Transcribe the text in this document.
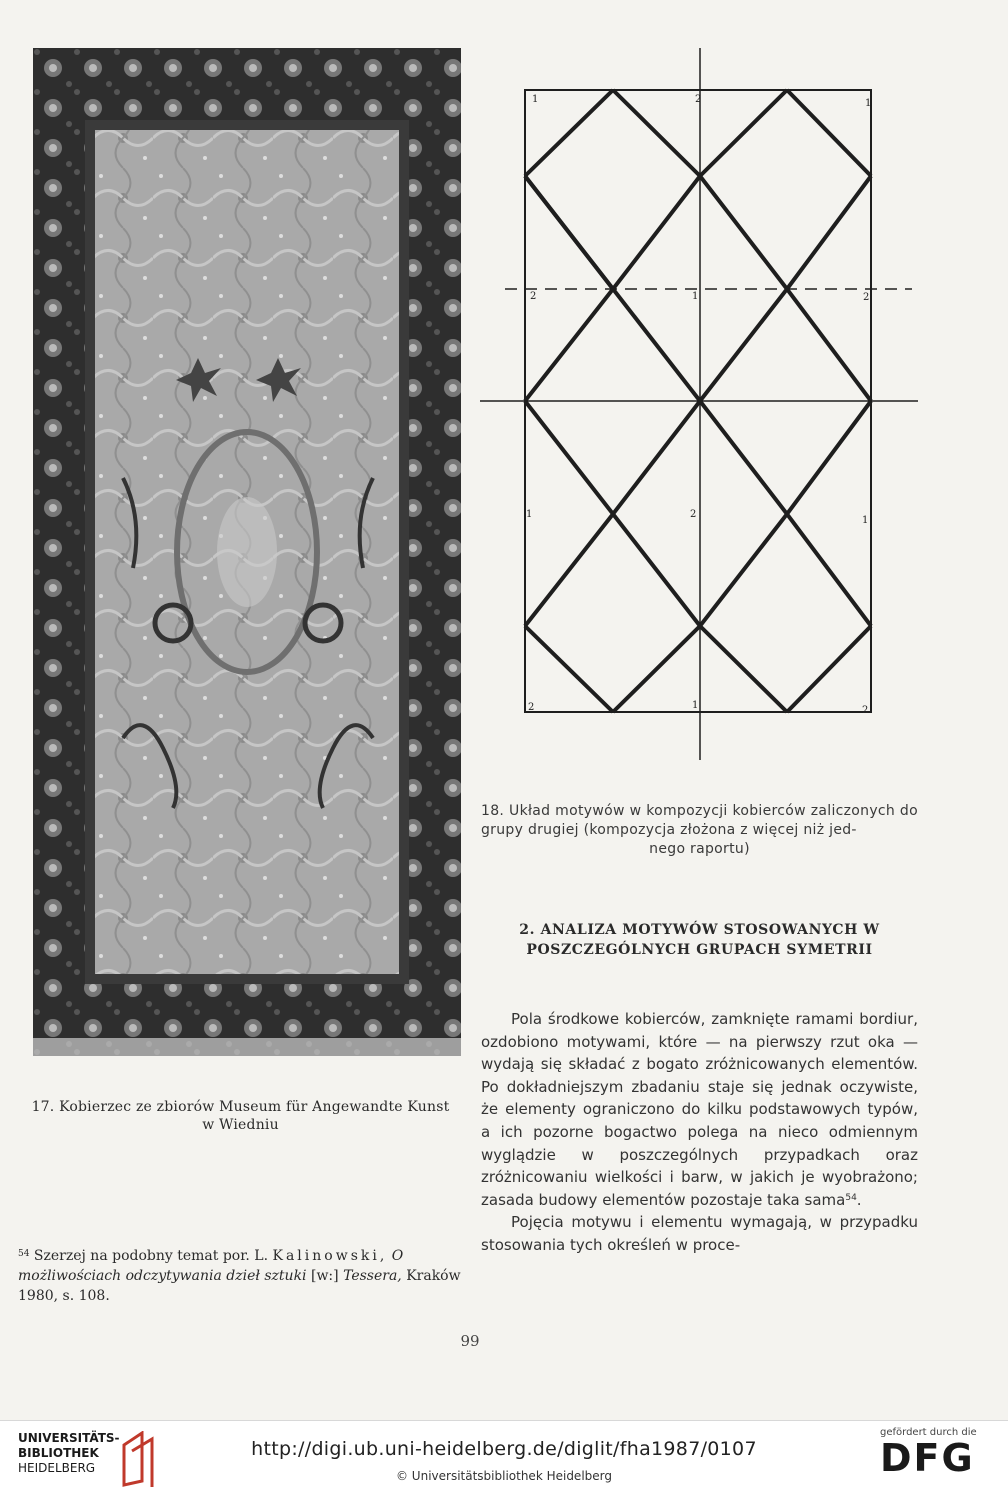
17. Kobierzec ze zbiorów Museum für Angewandte Kunst
w Wiedniu
$^{54}$ Szerzej na podobny temat por. L. Kalinowski, O możliwościach odczytywania dzieł sztuki [w:] Tessera, Kraków 1980, s. 108.
1	2	1
2	1	2
1	2
1
2	1	2
18. Układ motywów w kompozycji kobierców zaliczonych do grupy drugiej (kompozycja złożona z więcej niż jed-
nego raportu)
2. ANALIZA MOTYWÓW STOSOWANYCH W POSZCZEGÓLNYCH GRUPACH SYMETRII

Pola środkowe kobierców, zamknięte ramami bordiur, ozdobiono motywami, które — na pierwszy rzut oka — wydają się składać z bogato zróżnicowanych elementów. Po dokładniejszym zbadaniu staje się jednak oczywiste, że elementy ograniczono do kilku podstawowych typów, a ich pozorne bogactwo polega na nieco odmiennym wyglądzie w poszczególnych przypadkach oraz zróżnicowaniu wielkości i barw, w jakich je wyobrażono; zasada budowy elementów pozostaje taka sama$^{54}$.

Pojęcia motywu i elementu wymagają, w przypadku stosowania tych określeń w proce-

99
UNIVERSITÄTS-
BIBLIOTHEK
HEIDELBERG
http://digi.ub.uni-heidelberg.de/diglit/fha1987/0107
© Universitätsbibliothek Heidelberg
gefördert durch die
DFG
